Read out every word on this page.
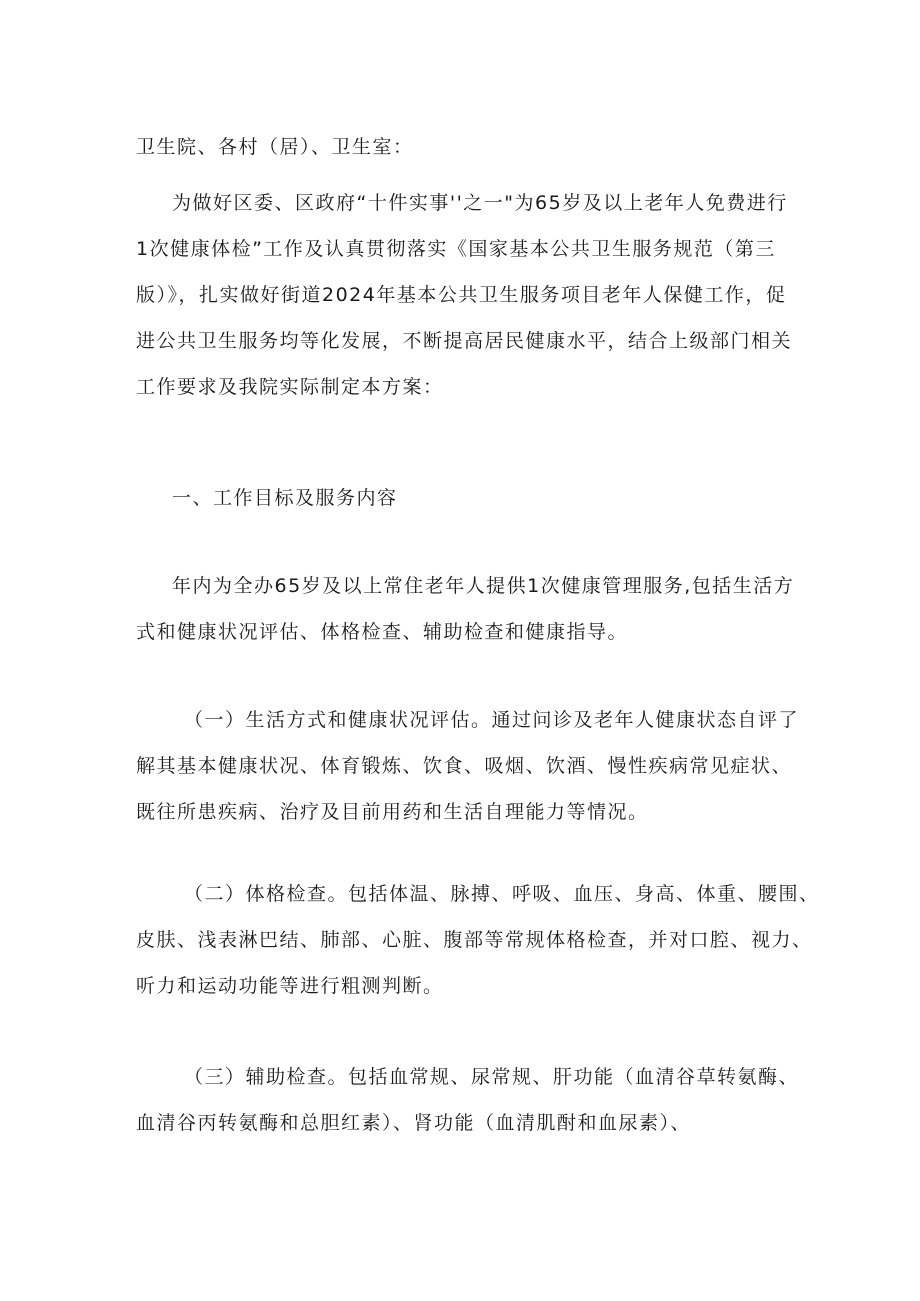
卫生院、各村（居）、卫生室：

为做好区委、区政府“十件实事''之一"为65岁及以上老年人免费进行
1次健康体检”工作及认真贯彻落实《国家基本公共卫生服务规范（第三
版）》，扎实做好街道2024年基本公共卫生服务项目老年人保健工作，促
进公共卫生服务均等化发展，不断提高居民健康水平，结合上级部门相关
工作要求及我院实际制定本方案：

一、工作目标及服务内容

年内为全办65岁及以上常住老年人提供1次健康管理服务,包括生活方
式和健康状况评估、体格检查、辅助检查和健康指导。

（一）生活方式和健康状况评估。通过问诊及老年人健康状态自评了
解其基本健康状况、体育锻炼、饮食、吸烟、饮酒、慢性疾病常见症状、
既往所患疾病、治疗及目前用药和生活自理能力等情况。

（二）体格检查。包括体温、脉搏、呼吸、血压、身高、体重、腰围、
皮肤、浅表淋巴结、肺部、心脏、腹部等常规体格检查，并对口腔、视力、
听力和运动功能等进行粗测判断。

（三）辅助检查。包括血常规、尿常规、肝功能（血清谷草转氨酶、
血清谷丙转氨酶和总胆红素）、肾功能（血清肌酎和血尿素）、
